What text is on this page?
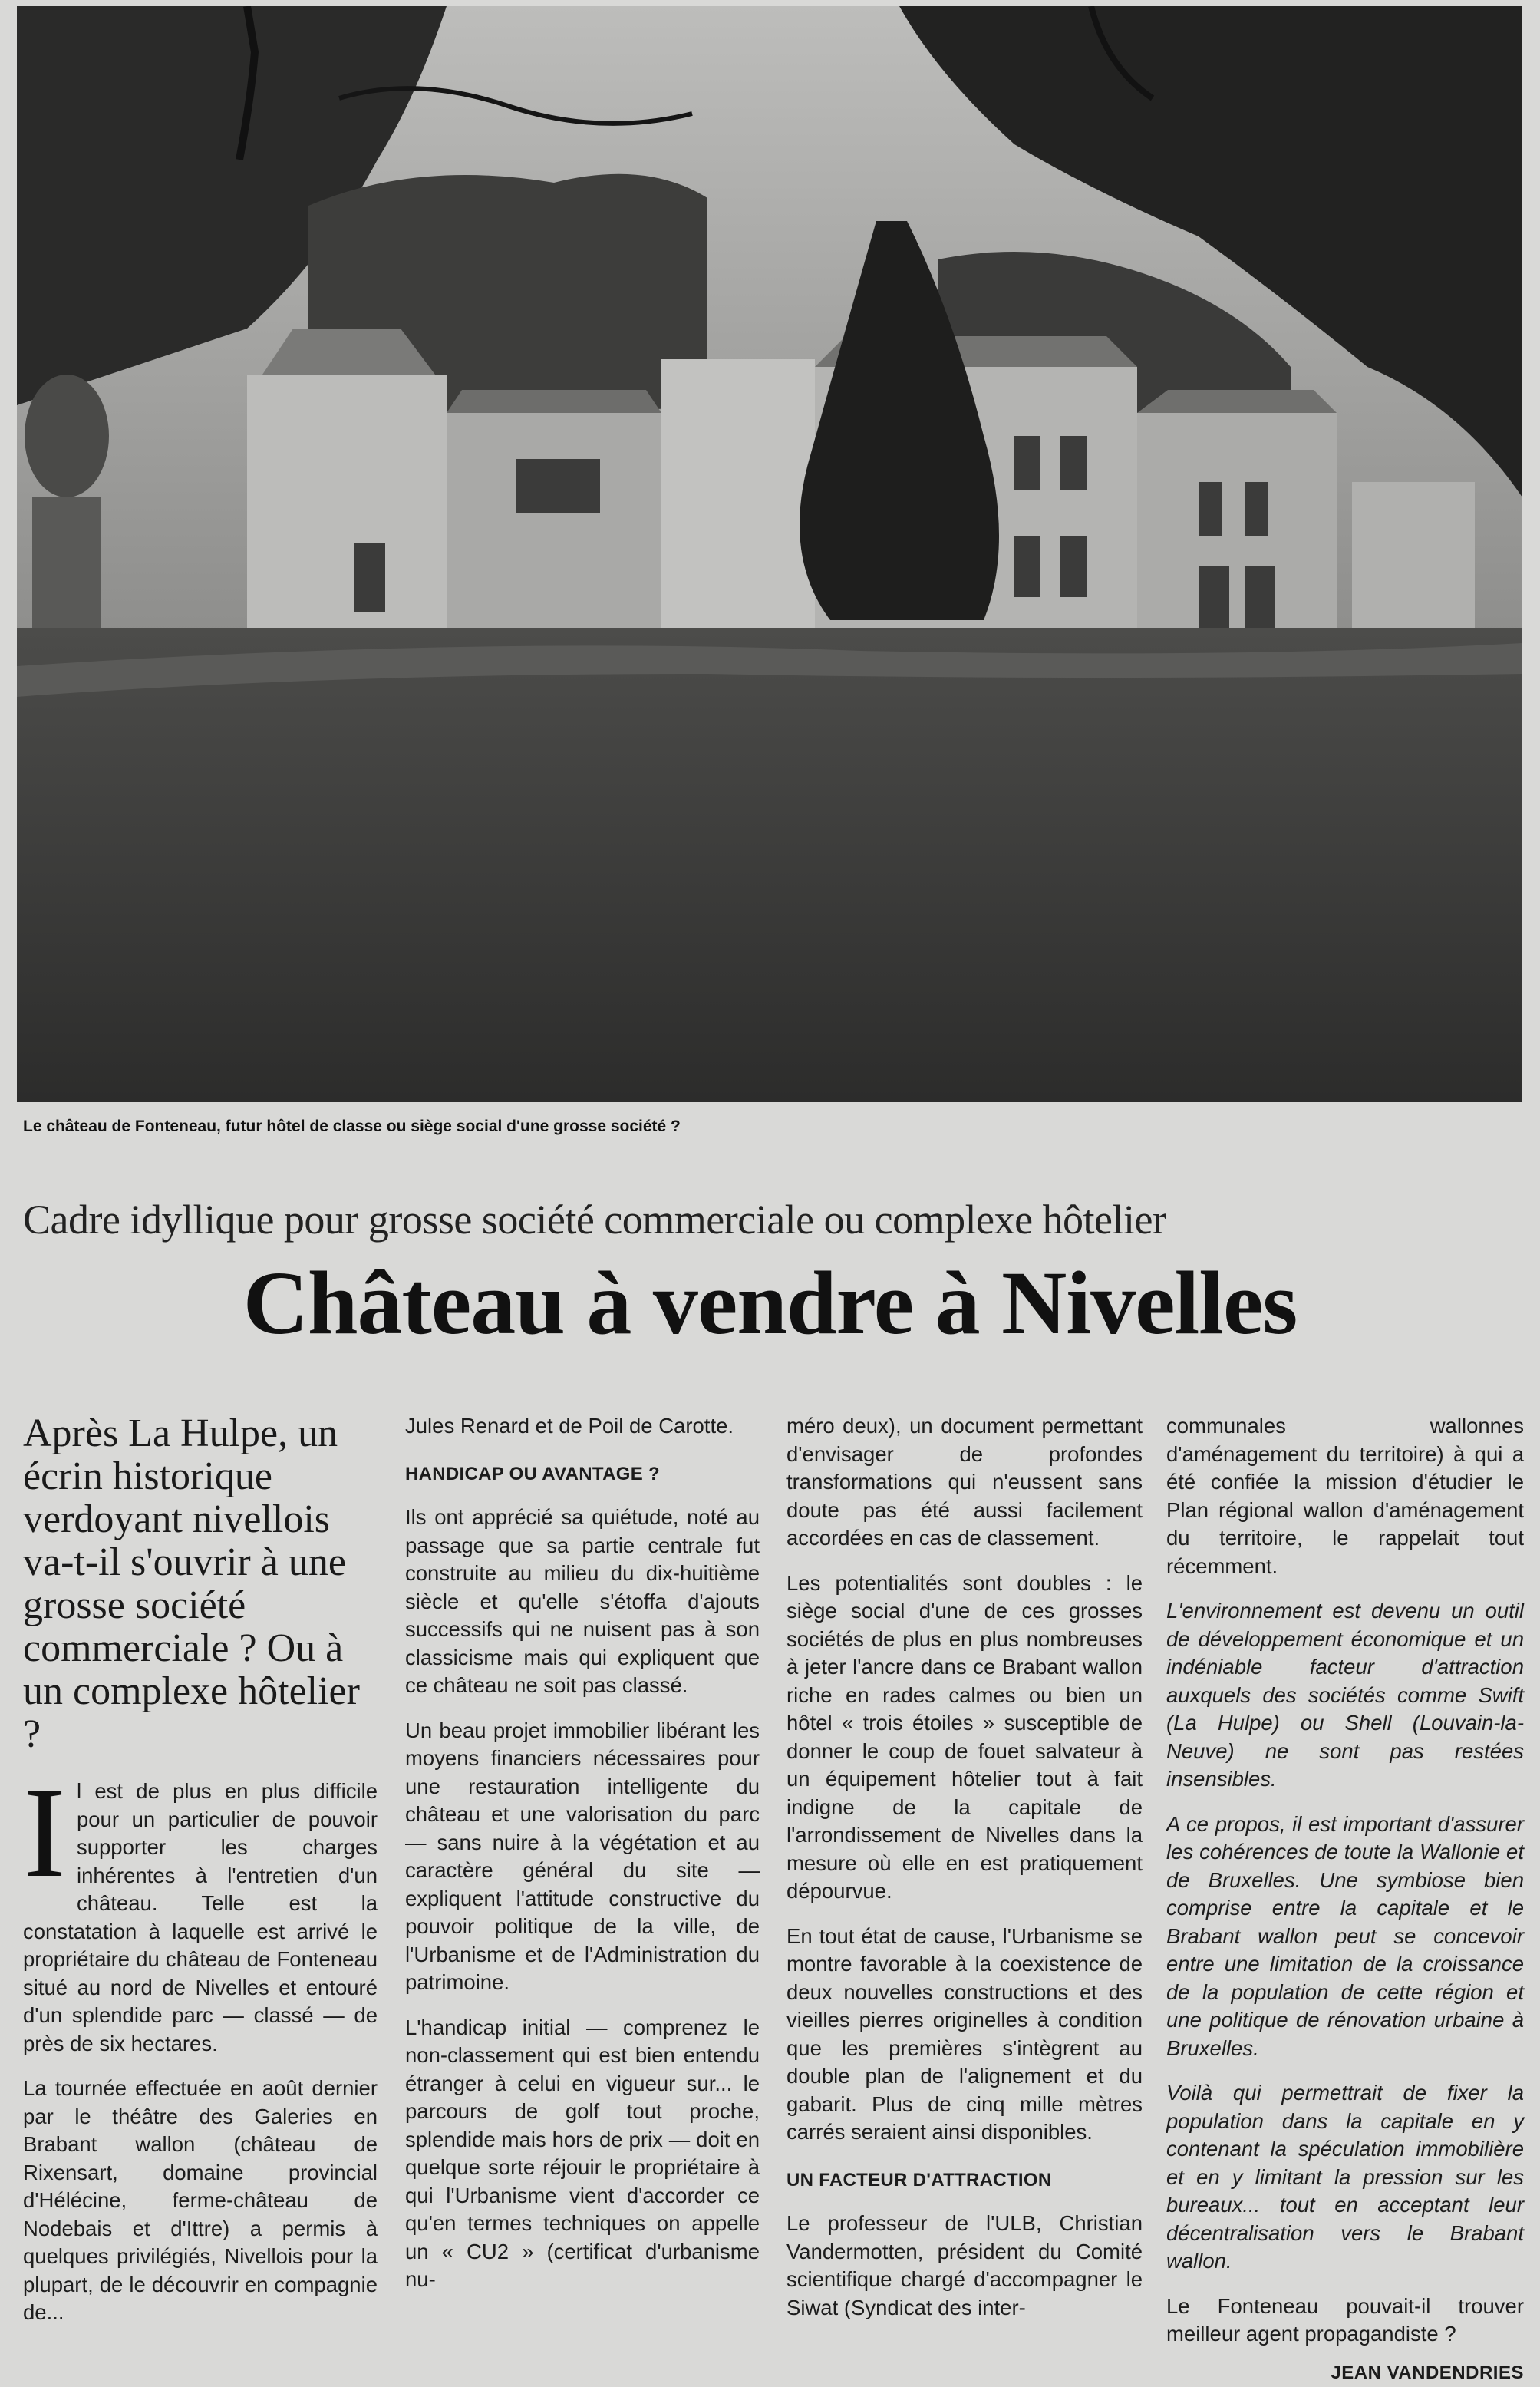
Le château de Fonteneau, futur hôtel de classe ou siège social d'une grosse société ?
Cadre idyllique pour grosse société commerciale ou complexe hôtelier
Château à vendre à Nivelles
Après La Hulpe, un écrin historique verdoyant nivellois va-t-il s'ouvrir à une grosse société commerciale ? Ou à un complexe hôtelier ?

Il est de plus en plus difficile pour un particulier de pouvoir supporter les charges inhérentes à l'entretien d'un château. Telle est la constatation à laquelle est arrivé le propriétaire du château de Fonteneau situé au nord de Nivelles et entouré d'un splendide parc — classé — de près de six hectares.

La tournée effectuée en août dernier par le théâtre des Galeries en Brabant wallon (château de Rixensart, domaine provincial d'Hélécine, ferme-château de Nodebais et d'Ittre) a permis à quelques privilégiés, Nivellois pour la plupart, de le découvrir en compagnie de...

Jules Renard et de Poil de Carotte.

HANDICAP OU AVANTAGE ?

Ils ont apprécié sa quiétude, noté au passage que sa partie centrale fut construite au milieu du dix-huitième siècle et qu'elle s'étoffa d'ajouts successifs qui ne nuisent pas à son classicisme mais qui expliquent que ce château ne soit pas classé.

Un beau projet immobilier libérant les moyens financiers nécessaires pour une restauration intelligente du château et une valorisation du parc — sans nuire à la végétation et au caractère général du site — expliquent l'attitude constructive du pouvoir politique de la ville, de l'Urbanisme et de l'Administration du patrimoine.

L'handicap initial — comprenez le non-classement qui est bien entendu étranger à celui en vigueur sur... le parcours de golf tout proche, splendide mais hors de prix — doit en quelque sorte réjouir le propriétaire à qui l'Urbanisme vient d'accorder ce qu'en termes techniques on appelle un « CU2 » (certificat d'urbanisme nu-

méro deux), un document permettant d'envisager de profondes transformations qui n'eussent sans doute pas été aussi facilement accordées en cas de classement.

Les potentialités sont doubles : le siège social d'une de ces grosses sociétés de plus en plus nombreuses à jeter l'ancre dans ce Brabant wallon riche en rades calmes ou bien un hôtel « trois étoiles » susceptible de donner le coup de fouet salvateur à un équipement hôtelier tout à fait indigne de la capitale de l'arrondissement de Nivelles dans la mesure où elle en est pratiquement dépourvue.

En tout état de cause, l'Urbanisme se montre favorable à la coexistence de deux nouvelles constructions et des vieilles pierres originelles à condition que les premières s'intègrent au double plan de l'alignement et du gabarit. Plus de cinq mille mètres carrés seraient ainsi disponibles.

UN FACTEUR D'ATTRACTION

Le professeur de l'ULB, Christian Vandermotten, président du Comité scientifique chargé d'accompagner le Siwat (Syndicat des inter-

communales wallonnes d'aménagement du territoire) à qui a été confiée la mission d'étudier le Plan régional wallon d'aménagement du territoire, le rappelait tout récemment.

L'environnement est devenu un outil de développement économique et un indéniable facteur d'attraction auxquels des sociétés comme Swift (La Hulpe) ou Shell (Louvain-la-Neuve) ne sont pas restées insensibles.

A ce propos, il est important d'assurer les cohérences de toute la Wallonie et de Bruxelles. Une symbiose bien comprise entre la capitale et le Brabant wallon peut se concevoir entre une limitation de la croissance de la population de cette région et une politique de rénovation urbaine à Bruxelles.

Voilà qui permettrait de fixer la population dans la capitale en y contenant la spéculation immobilière et en y limitant la pression sur les bureaux... tout en acceptant leur décentralisation vers le Brabant wallon.

Le Fonteneau pouvait-il trouver meilleur agent propagandiste ?

JEAN VANDENDRIES
